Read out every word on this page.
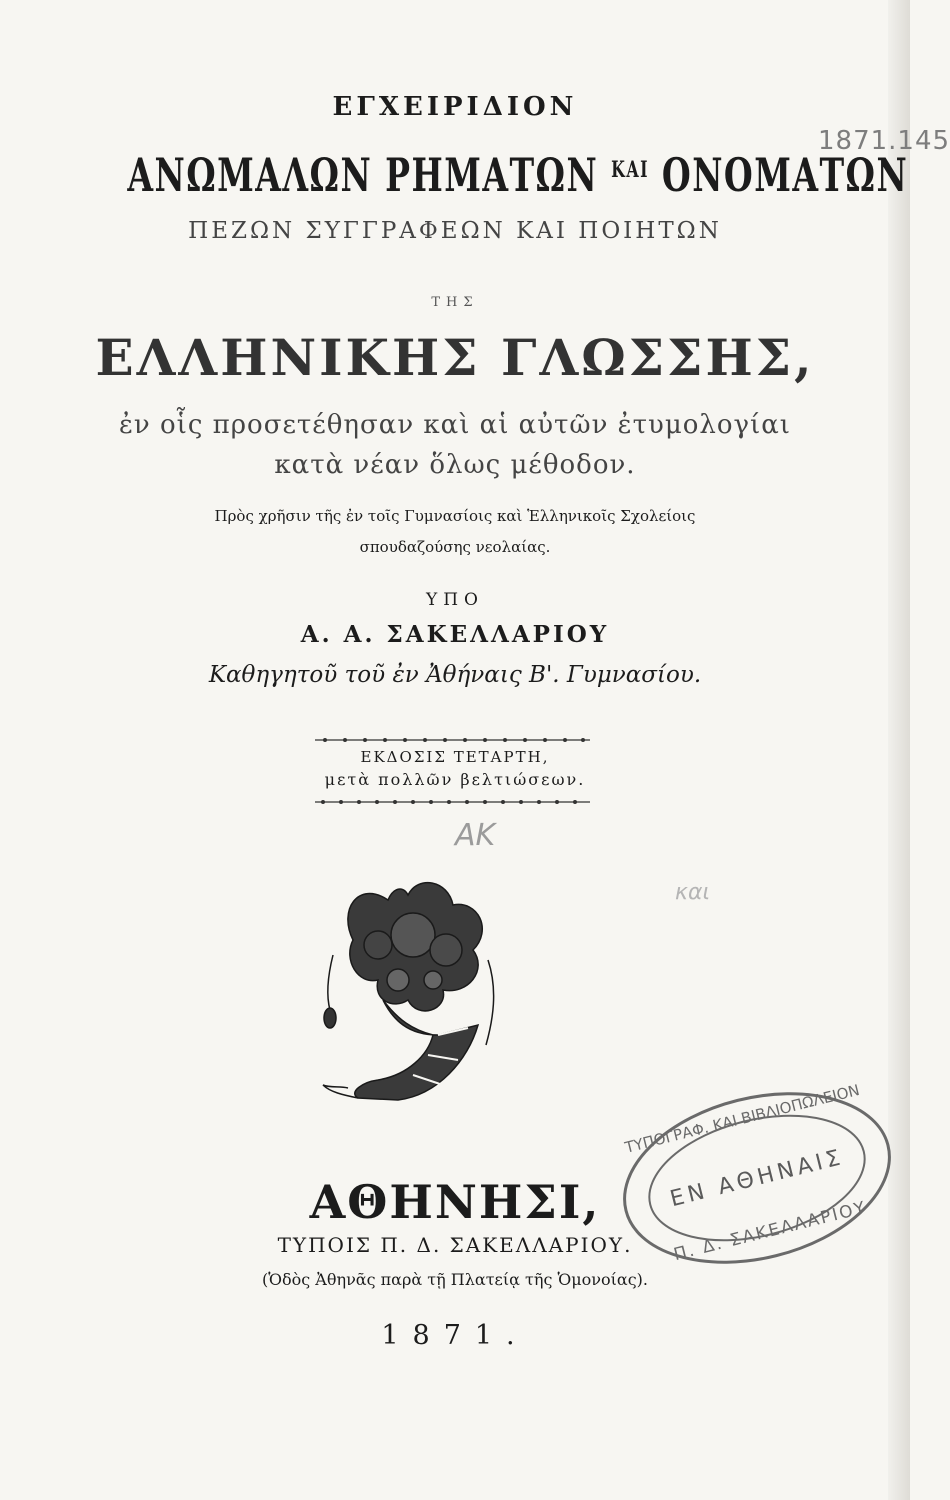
ΕΓΧΕΙΡΙΔΙΟΝ
ΑΝΩΜΑΛΩΝ ΡΗΜΑΤΩΝ $^{KAI}$ ΟΝΟΜΑΤΩΝ
ΠΕΖΩΝ ΣΥΓΓΡΑΦΕΩΝ ΚΑΙ ΠΟΙΗΤΩΝ
ΤΗΣ
ΕΛΛΗΝΙΚΗΣ ΓΛΩΣΣΗΣ,
ἐν οἷς προσετέθησαν καὶ αἱ αὐτῶν ἐτυμολογίαι
κατὰ νέαν ὅλως μέθοδον.
Πρὸς χρῆσιν τῆς ἐν τοῖς Γυμνασίοις καὶ Ἑλληνικοῖς Σχολείοις
σπουδαζούσης νεολαίας.
ΥΠΟ
Α. Α. ΣΑΚΕΛΛΑΡΙΟΥ
Καθηγητοῦ τοῦ ἐν Ἀθήναις Β'. Γυμνασίου.
ΕΚΔΟΣΙΣ ΤΕΤΑΡΤΗ,
μετὰ πολλῶν βελτιώσεων.
ΑΘΗΝΗΣΙ,
ΤΥΠΟΙΣ Π. Δ. ΣΑΚΕΛΛΑΡΙΟΥ.
(Ὁδὸς Ἀθηνᾶς παρὰ τῇ Πλατείᾳ τῆς Ὁμονοίας).
1871.
1871.145
ΑΚ
και
ΤΥΠΟΓΡΑΦ. ΚΑΙ ΒΙΒΛΙΟΠΩΛΕΙΟΝ
ΕΝ ΑΘΗΝΑΙΣ
Π. Δ. ΣΑΚΕΛΛΑΡΙΟΥ
